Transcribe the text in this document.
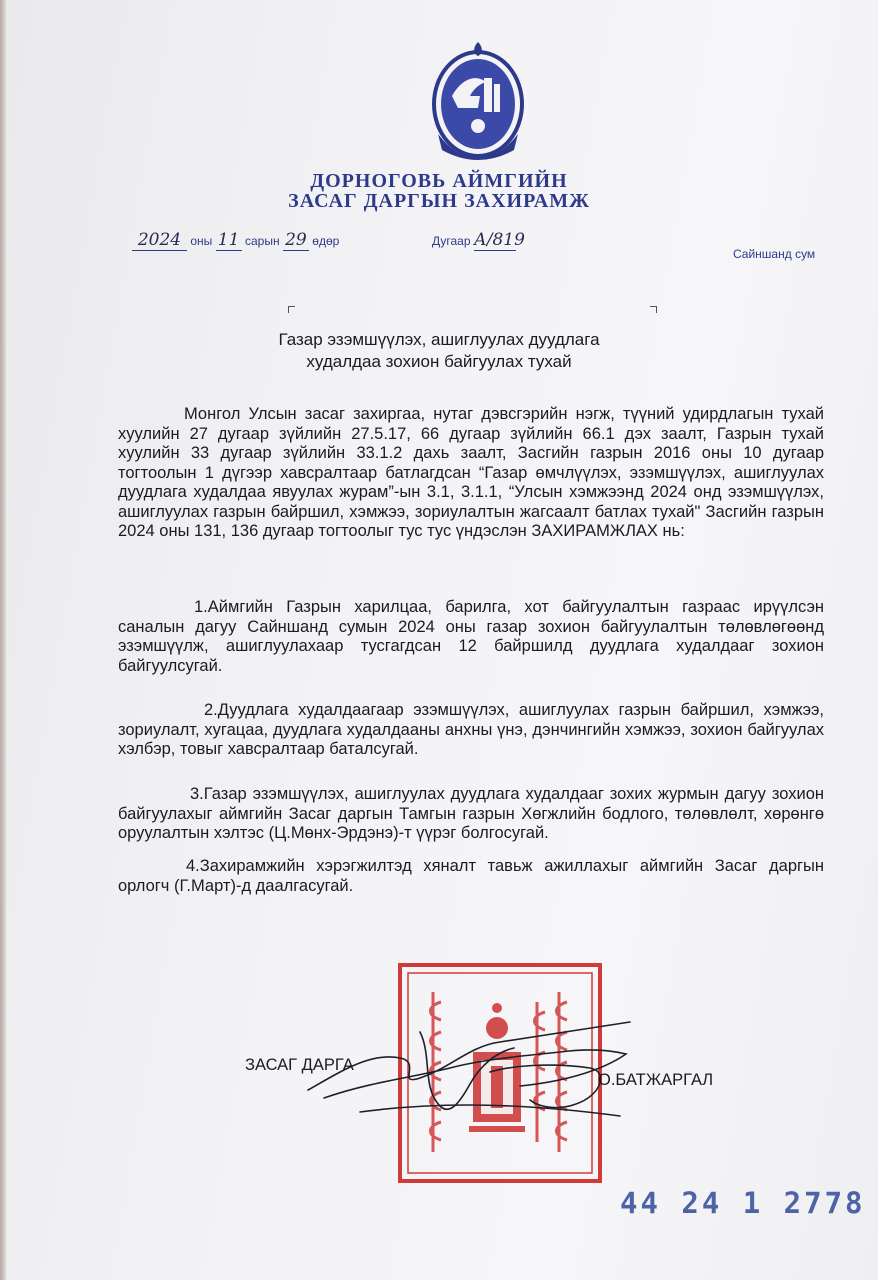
ДОРНОГОВЬ АЙМГИЙН
ЗАСАГ ДАРГЫН ЗАХИРАМЖ
2024 оны 11 сарын 29 өдөр	Дугаар А/819
Сайншанд сум
Газар эзэмшүүлэх, ашиглуулах дуудлага
худалдаа зохион байгуулах тухай
Монгол Улсын засаг захиргаа, нутаг дэвсгэрийн нэгж, түүний удирдлагын тухай хуулийн 27 дугаар зүйлийн 27.5.17, 66 дугаар зүйлийн 66.1 дэх заалт, Газрын тухай хуулийн 33 дугаар зүйлийн 33.1.2 дахь заалт, Засгийн газрын 2016 оны 10 дугаар тогтоолын 1 дүгээр хавсралтаар батлагдсан “Газар өмчлүүлэх, эзэмшүүлэх, ашиглуулах дуудлага худалдаа явуулах журам”-ын 3.1, 3.1.1, “Улсын хэмжээнд 2024 онд эзэмшүүлэх, ашиглуулах газрын байршил, хэмжээ, зориулалтын жагсаалт батлах тухай" Засгийн газрын 2024 оны 131, 136 дугаар тогтоолыг тус тус үндэслэн ЗАХИРАМЖЛАХ нь:
1.Аймгийн Газрын харилцаа, барилга, хот байгуулалтын газраас ирүүлсэн саналын дагуу Сайншанд сумын 2024 оны газар зохион байгуулалтын төлөвлөгөөнд эзэмшүүлж, ашиглуулахаар тусгагдсан 12 байршилд дуудлага худалдааг зохион байгуулсугай.
2.Дуудлага худалдаагаар эзэмшүүлэх, ашиглуулах газрын байршил, хэмжээ, зориулалт, хугацаа, дуудлага худалдааны анхны үнэ, дэнчингийн хэмжээ, зохион байгуулах хэлбэр, товыг хавсралтаар баталсугай.
3.Газар эзэмшүүлэх, ашиглуулах дуудлага худалдааг зохих журмын дагуу зохион байгуулахыг аймгийн Засаг даргын Тамгын газрын Хөгжлийн бодлого, төлөвлөлт, хөрөнгө оруулалтын хэлтэс (Ц.Мөнх-Эрдэнэ)-т үүрэг болгосугай.
4.Захирамжийн хэрэгжилтэд хяналт тавьж ажиллахыг аймгийн Засаг даргын орлогч (Г.Март)-д даалгасугай.
ЗАСАГ ДАРГА
О.БАТЖАРГАЛ
44 24 1 2778
